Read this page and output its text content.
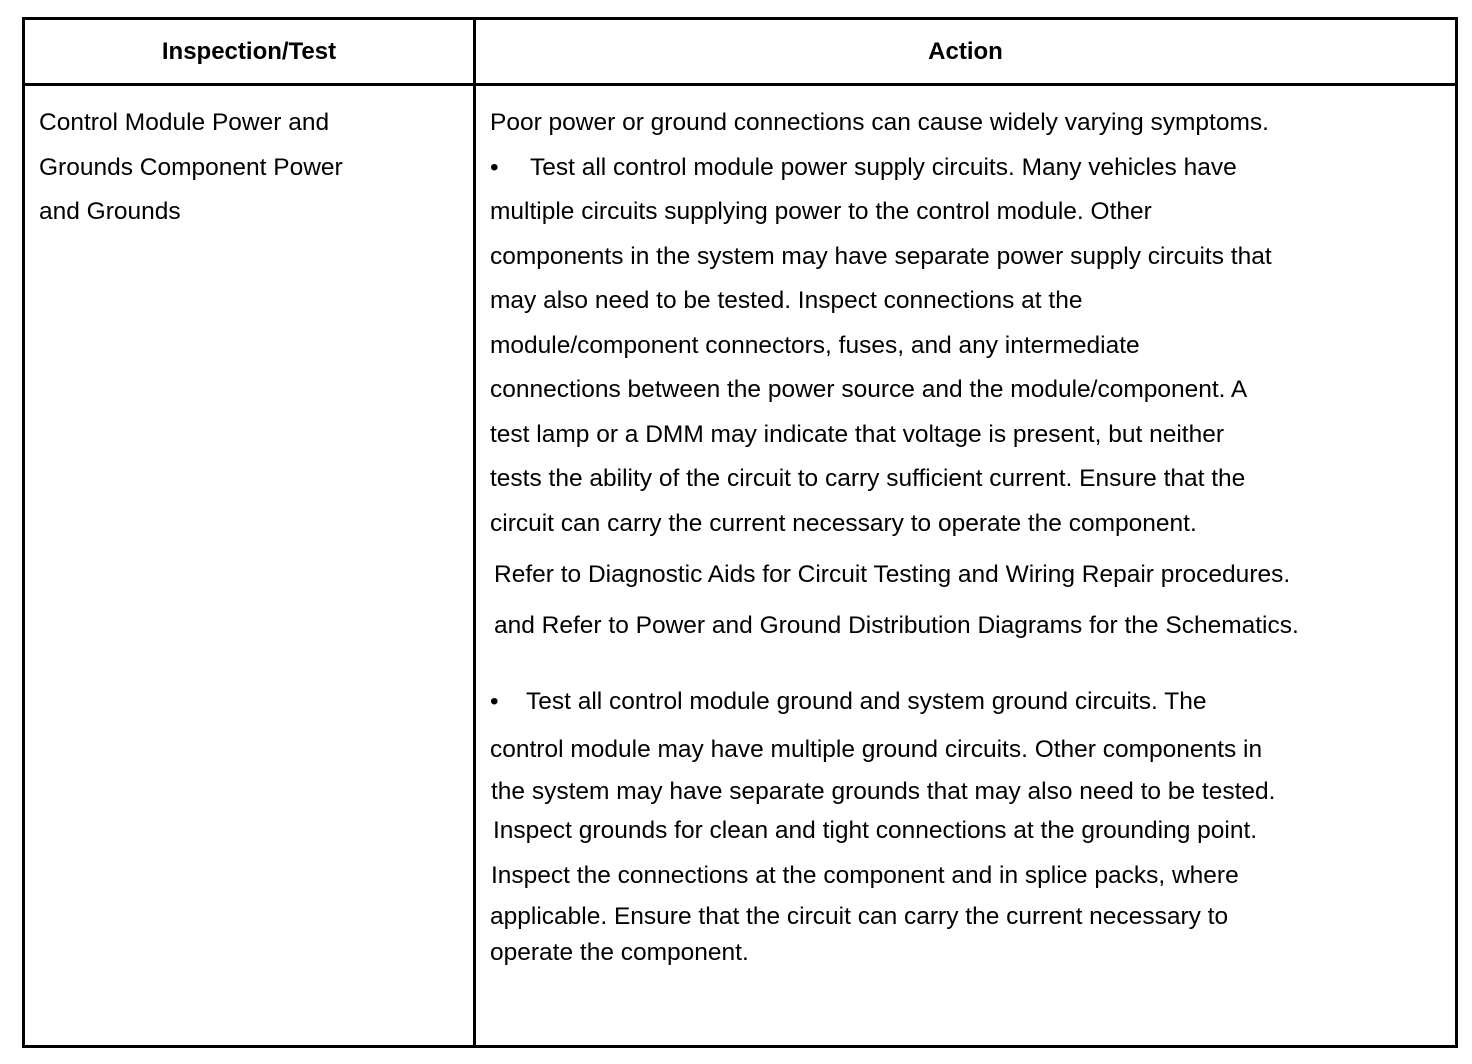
Inspection/Test	Action
Control Module Power and
Grounds Component Power
and Grounds
Poor power or ground connections can cause widely varying symptoms.
• Test all control module power supply circuits. Many vehicles have
multiple circuits supplying power to the control module. Other
components in the system may have separate power supply circuits that
may also need to be tested. Inspect connections at the
module/component connectors, fuses, and any intermediate
connections between the power source and the module/component. A
test lamp or a DMM may indicate that voltage is present, but neither
tests the ability of the circuit to carry sufficient current. Ensure that the
circuit can carry the current necessary to operate the component.
Refer to Diagnostic Aids for Circuit Testing and Wiring Repair procedures.
and Refer to Power and Ground Distribution Diagrams for the Schematics.
• Test all control module ground and system ground circuits. The
control module may have multiple ground circuits. Other components in
the system may have separate grounds that may also need to be tested.
Inspect grounds for clean and tight connections at the grounding point.
Inspect the connections at the component and in splice packs, where
applicable. Ensure that the circuit can carry the current necessary to
operate the component.
